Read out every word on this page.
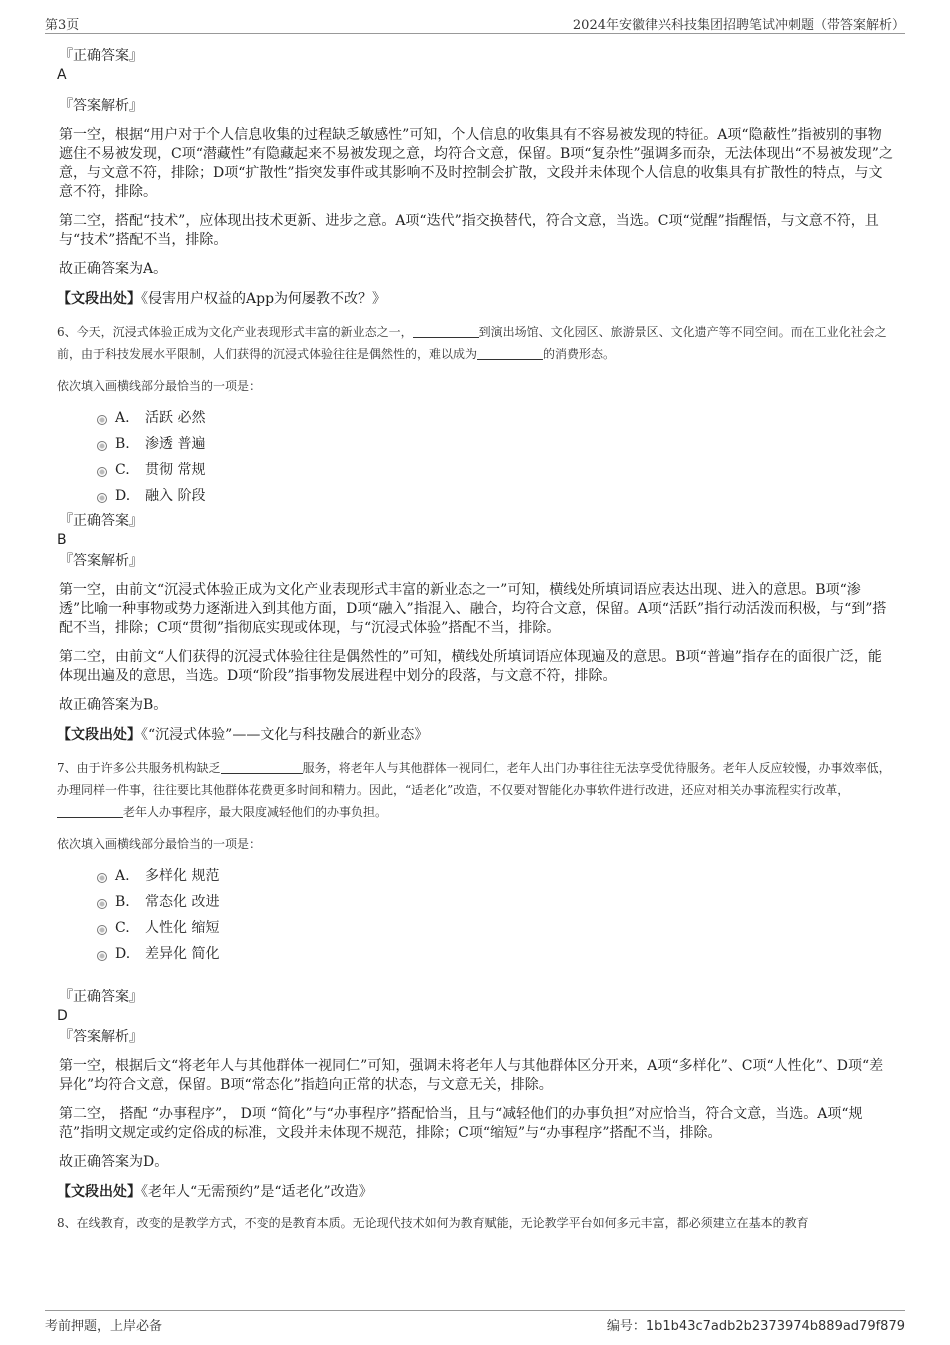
第3页	2024年安徽律兴科技集团招聘笔试冲刺题（带答案解析）
『正确答案』
A
『答案解析』

第一空，根据“用户对于个人信息收集的过程缺乏敏感性”可知，个人信息的收集具有不容易被发现的特征。A项“隐蔽性”指被别的事物遮住不易被发现，C项“潜藏性”有隐藏起来不易被发现之意，均符合文意，保留。B项“复杂性”强调多而杂，无法体现出“不易被发现”之意，与文意不符，排除；D项“扩散性”指突发事件或其影响不及时控制会扩散，文段并未体现个人信息的收集具有扩散性的特点，与文意不符，排除。

第二空，搭配“技术”，应体现出技术更新、进步之意。A项“迭代”指交换替代，符合文意，当选。C项“觉醒”指醒悟，与文意不符，且与“技术”搭配不当，排除。

故正确答案为A。

【文段出处】《侵害用户权益的App为何屡教不改？》

6、今天，沉浸式体验正成为文化产业表现形式丰富的新业态之一，	到演出场馆、文化园区、旅游景区、文化遗产等不同空间。而在工业化社会之前，由于科技发展水平限制，人们获得的沉浸式体验往往是偶然性的，难以成为	的消费形态。

依次填入画横线部分最恰当的一项是：

A.	活跃 必然
B.	渗透 普遍
C.	贯彻 常规
D.	融入 阶段
『正确答案』
B
『答案解析』

第一空，由前文“沉浸式体验正成为文化产业表现形式丰富的新业态之一”可知，横线处所填词语应表达出现、进入的意思。B项“渗透”比喻一种事物或势力逐渐进入到其他方面，D项“融入”指混入、融合，均符合文意，保留。A项“活跃”指行动活泼而积极，与“到”搭配不当，排除；C项“贯彻”指彻底实现或体现，与“沉浸式体验”搭配不当，排除。

第二空，由前文“人们获得的沉浸式体验往往是偶然性的”可知，横线处所填词语应体现遍及的意思。B项“普遍”指存在的面很广泛，能体现出遍及的意思，当选。D项“阶段”指事物发展进程中划分的段落，与文意不符，排除。

故正确答案为B。

【文段出处】《“沉浸式体验”——文化与科技融合的新业态》

7、由于许多公共服务机构缺乏	服务，将老年人与其他群体一视同仁，老年人出门办事往往无法享受优待服务。老年人反应较慢，办事效率低，办理同样一件事，往往要比其他群体花费更多时间和精力。因此，“适老化”改造，不仅要对智能化办事软件进行改进，还应对相关办事流程实行改革，老年人办事程序，最大限度减轻他们的办事负担。

依次填入画横线部分最恰当的一项是：

A.	多样化 规范
B.	常态化 改进
C.	人性化 缩短
D.	差异化 简化
『正确答案』
D
『答案解析』

第一空，根据后文“将老年人与其他群体一视同仁”可知，强调未将老年人与其他群体区分开来，A项“多样化”、C项“人性化”、D项“差异化”均符合文意，保留。B项“常态化”指趋向正常的状态，与文意无关，排除。

第二空， 搭配 “办事程序”， D项 “简化”与“办事程序”搭配恰当，且与“减轻他们的办事负担”对应恰当，符合文意，当选。A项“规范”指明文规定或约定俗成的标准，文段并未体现不规范，排除；C项“缩短”与“办事程序”搭配不当，排除。

故正确答案为D。

【文段出处】《老年人“无需预约”是“适老化”改造》

8、在线教育，改变的是教学方式，不变的是教育本质。无论现代技术如何为教育赋能，无论教学平台如何多元丰富，都必须建立在基本的教育

考前押题，上岸必备	编号：1b1b43c7adb2b2373974b889ad79f879
